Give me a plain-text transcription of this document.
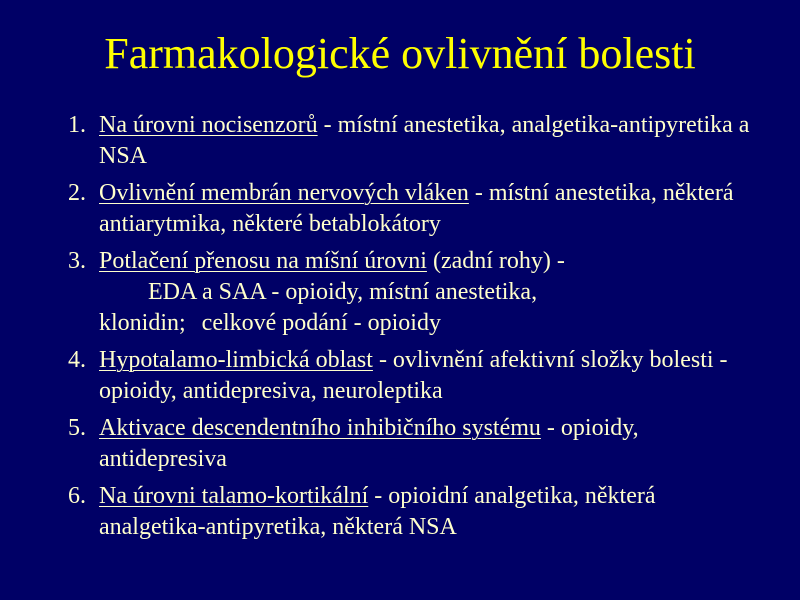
Farmakologické ovlivnění bolesti
1. Na úrovni nocisenzorů - místní anestetika, analgetika-antipyretika a NSA
2. Ovlivnění membrán nervových vláken - místní anestetika, některá antiarytmika, některé betablokátory
3. Potlačení přenosu na míšní úrovni (zadní rohy) -
EDA a SAA - opioidy, místní anestetika,
klonidin; celkové podání - opioidy
4. Hypotalamo-limbická oblast - ovlivnění afektivní složky bolesti - opioidy, antidepresiva, neuroleptika
5. Aktivace descendentního inhibičního systému - opioidy, antidepresiva
6. Na úrovni talamo-kortikální - opioidní analgetika, některá analgetika-antipyretika, některá NSA
